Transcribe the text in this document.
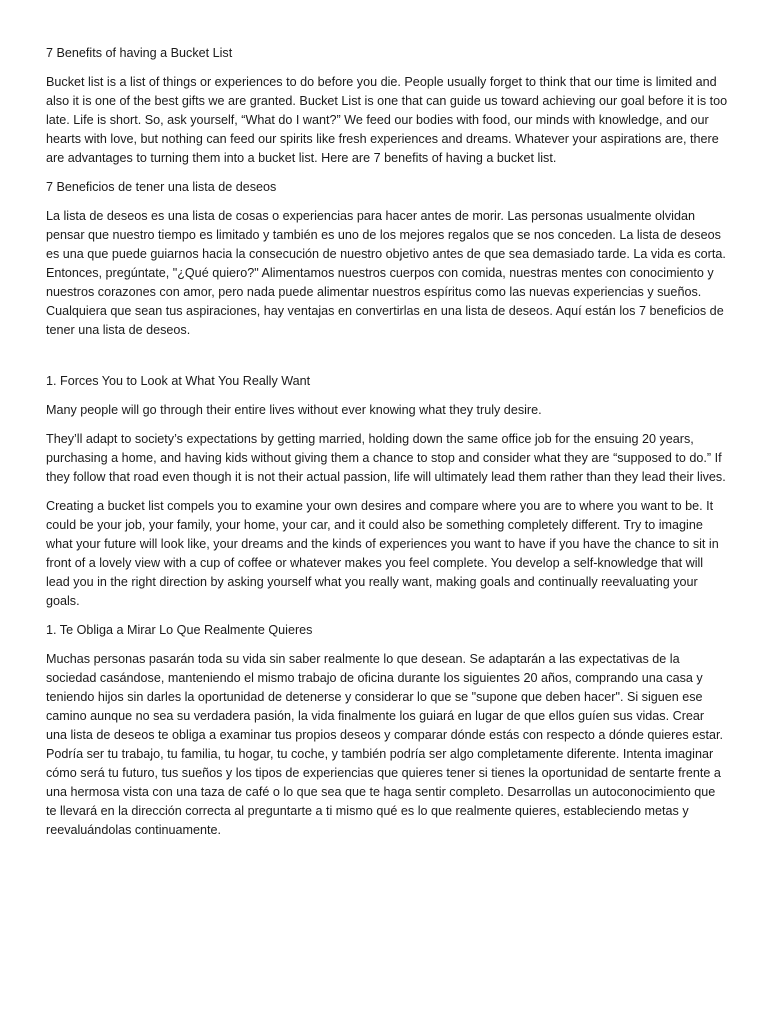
7 Benefits of having a Bucket List

Bucket list is a list of things or experiences to do before you die. People usually forget to think that our time is limited and also it is one of the best gifts we are granted. Bucket List is one that can guide us toward achieving our goal before it is too late. Life is short. So, ask yourself, “What do I want?” We feed our bodies with food, our minds with knowledge, and our hearts with love, but nothing can feed our spirits like fresh experiences and dreams. Whatever your aspirations are, there are advantages to turning them into a bucket list. Here are 7 benefits of having a bucket list.

7 Beneficios de tener una lista de deseos

La lista de deseos es una lista de cosas o experiencias para hacer antes de morir. Las personas usualmente olvidan pensar que nuestro tiempo es limitado y también es uno de los mejores regalos que se nos conceden. La lista de deseos es una que puede guiarnos hacia la consecución de nuestro objetivo antes de que sea demasiado tarde. La vida es corta. Entonces, pregúntate, "¿Qué quiero?" Alimentamos nuestros cuerpos con comida, nuestras mentes con conocimiento y nuestros corazones con amor, pero nada puede alimentar nuestros espíritus como las nuevas experiencias y sueños. Cualquiera que sean tus aspiraciones, hay ventajas en convertirlas en una lista de deseos. Aquí están los 7 beneficios de tener una lista de deseos.

1. Forces You to Look at What You Really Want

Many people will go through their entire lives without ever knowing what they truly desire.

They’ll adapt to society’s expectations by getting married, holding down the same office job for the ensuing 20 years, purchasing a home, and having kids without giving them a chance to stop and consider what they are “supposed to do.” If they follow that road even though it is not their actual passion, life will ultimately lead them rather than they lead their lives.

Creating a bucket list compels you to examine your own desires and compare where you are to where you want to be. It could be your job, your family, your home, your car, and it could also be something completely different. Try to imagine what your future will look like, your dreams and the kinds of experiences you want to have if you have the chance to sit in front of a lovely view with a cup of coffee or whatever makes you feel complete. You develop a self-knowledge that will lead you in the right direction by asking yourself what you really want, making goals and continually reevaluating your goals.

1. Te Obliga a Mirar Lo Que Realmente Quieres

Muchas personas pasarán toda su vida sin saber realmente lo que desean. Se adaptarán a las expectativas de la sociedad casándose, manteniendo el mismo trabajo de oficina durante los siguientes 20 años, comprando una casa y teniendo hijos sin darles la oportunidad de detenerse y considerar lo que se "supone que deben hacer". Si siguen ese camino aunque no sea su verdadera pasión, la vida finalmente los guiará en lugar de que ellos guíen sus vidas. Crear una lista de deseos te obliga a examinar tus propios deseos y comparar dónde estás con respecto a dónde quieres estar. Podría ser tu trabajo, tu familia, tu hogar, tu coche, y también podría ser algo completamente diferente. Intenta imaginar cómo será tu futuro, tus sueños y los tipos de experiencias que quieres tener si tienes la oportunidad de sentarte frente a una hermosa vista con una taza de café o lo que sea que te haga sentir completo. Desarrollas un autoconocimiento que te llevará en la dirección correcta al preguntarte a ti mismo qué es lo que realmente quieres, estableciendo metas y reevaluándolas continuamente.
